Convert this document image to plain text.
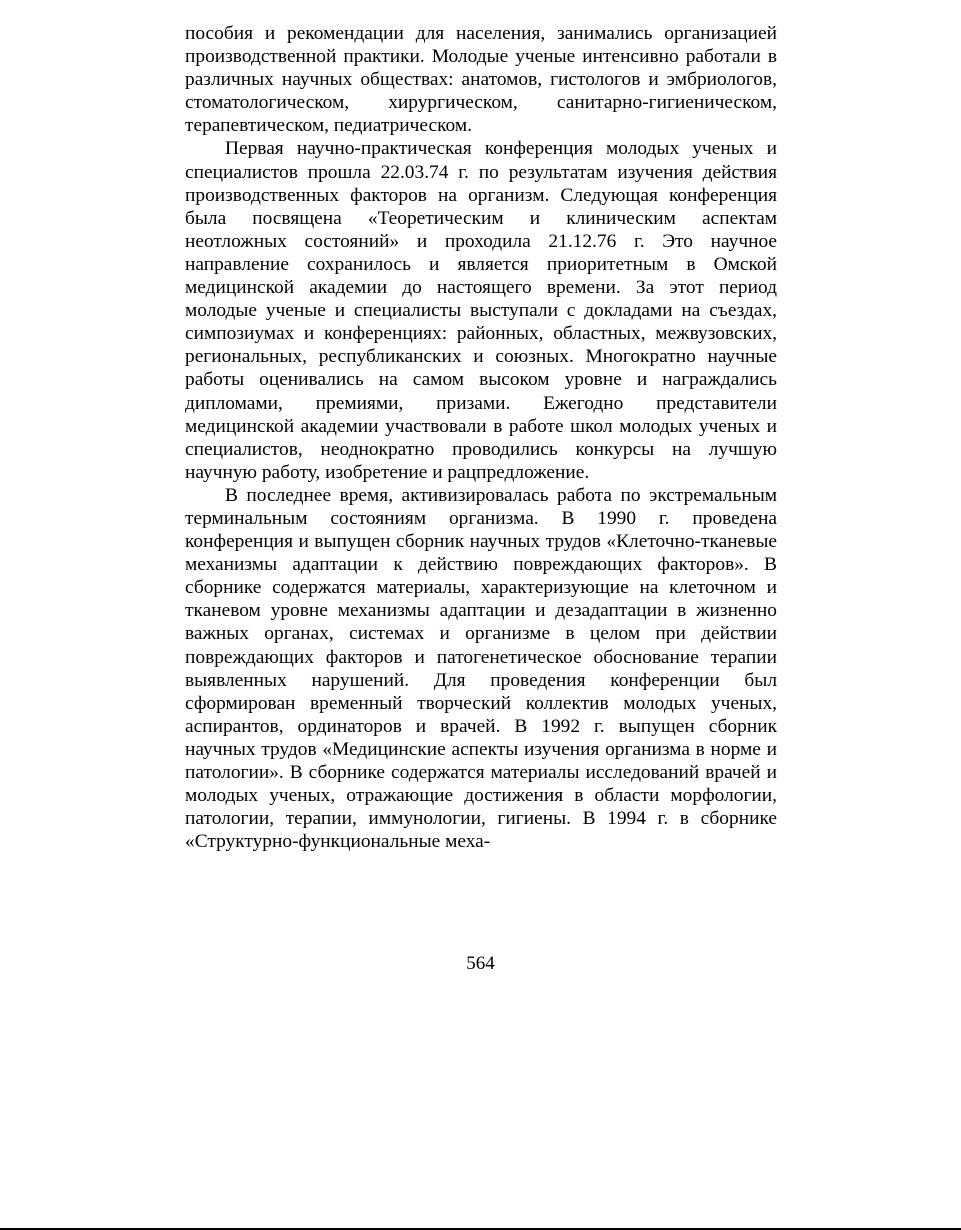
пособия и рекомендации для населения, занимались организацией производственной практики. Молодые ученые интенсивно работали в различных научных обществах: анатомов, гистологов и эмбриологов, стоматологическом, хирургическом, санитарно-гигиеническом, терапевтическом, педиатрическом.

Первая научно-практическая конференция молодых ученых и специалистов прошла 22.03.74 г. по результатам изучения действия производственных факторов на организм. Следующая конференция была посвящена «Теоретическим и клиническим аспектам неотложных состояний» и проходила 21.12.76 г. Это научное направление сохранилось и является приоритетным в Омской медицинской академии до настоящего времени. За этот период молодые ученые и специалисты выступали с докладами на съездах, симпозиумах и конференциях: районных, областных, межвузовских, региональных, республиканских и союзных. Многократно научные работы оценивались на самом высоком уровне и награждались дипломами, премиями, призами. Ежегодно представители медицинской академии участвовали в работе школ молодых ученых и специалистов, неоднократно проводились конкурсы на лучшую научную работу, изобретение и рацпредложение.

В последнее время, активизировалась работа по экстремальным терминальным состояниям организма. В 1990 г. проведена конференция и выпущен сборник научных трудов «Клеточно-тканевые механизмы адаптации к действию повреждающих факторов». В сборнике содержатся материалы, характеризующие на клеточном и тканевом уровне механизмы адаптации и дезадаптации в жизненно важных органах, системах и организме в целом при действии повреждающих факторов и патогенетическое обоснование терапии выявленных нарушений. Для проведения конференции был сформирован временный творческий коллектив молодых ученых, аспирантов, ординаторов и врачей. В 1992 г. выпущен сборник научных трудов «Медицинские аспекты изучения организма в норме и патологии». В сборнике содержатся материалы исследований врачей и молодых ученых, отражающие достижения в области морфологии, патологии, терапии, иммунологии, гигиены. В 1994 г. в сборнике «Структурно-функциональные меха-

564
